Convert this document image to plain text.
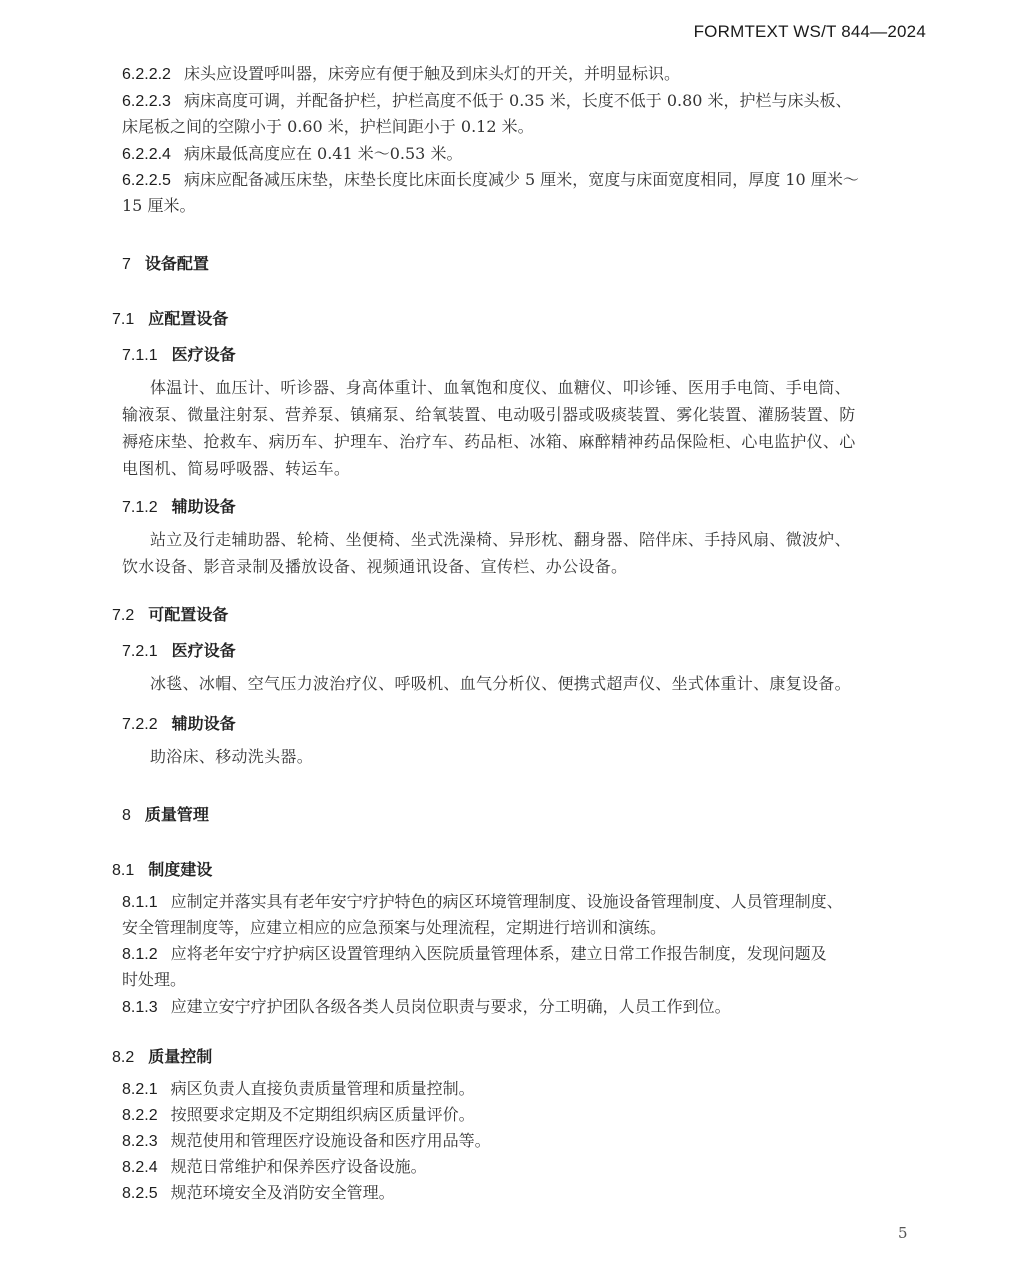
FORMTEXT WS/T 844—2024
6.2.2.2 床头应设置呼叫器，床旁应有便于触及到床头灯的开关，并明显标识。
6.2.2.3 病床高度可调，并配备护栏，护栏高度不低于 0.35 米，长度不低于 0.80 米，护栏与床头板、
床尾板之间的空隙小于 0.60 米，护栏间距小于 0.12 米。
6.2.2.4 病床最低高度应在 0.41 米～0.53 米。
6.2.2.5 病床应配备减压床垫，床垫长度比床面长度减少 5 厘米，宽度与床面宽度相同，厚度 10 厘米～
15 厘米。
7 设备配置
7.1 应配置设备
7.1.1 医疗设备
体温计、血压计、听诊器、身高体重计、血氧饱和度仪、血糖仪、叩诊锤、医用手电筒、手电筒、
输液泵、微量注射泵、营养泵、镇痛泵、给氧装置、电动吸引器或吸痰装置、雾化装置、灌肠装置、防
褥疮床垫、抢救车、病历车、护理车、治疗车、药品柜、冰箱、麻醉精神药品保险柜、心电监护仪、心
电图机、简易呼吸器、转运车。
7.1.2 辅助设备
站立及行走辅助器、轮椅、坐便椅、坐式洗澡椅、异形枕、翻身器、陪伴床、手持风扇、微波炉、
饮水设备、影音录制及播放设备、视频通讯设备、宣传栏、办公设备。
7.2 可配置设备
7.2.1 医疗设备
冰毯、冰帽、空气压力波治疗仪、呼吸机、血气分析仪、便携式超声仪、坐式体重计、康复设备。
7.2.2 辅助设备
助浴床、移动洗头器。
8 质量管理
8.1 制度建设
8.1.1 应制定并落实具有老年安宁疗护特色的病区环境管理制度、设施设备管理制度、人员管理制度、
安全管理制度等，应建立相应的应急预案与处理流程，定期进行培训和演练。
8.1.2 应将老年安宁疗护病区设置管理纳入医院质量管理体系，建立日常工作报告制度，发现问题及
时处理。
8.1.3 应建立安宁疗护团队各级各类人员岗位职责与要求，分工明确，人员工作到位。
8.2 质量控制
8.2.1 病区负责人直接负责质量管理和质量控制。
8.2.2 按照要求定期及不定期组织病区质量评价。
8.2.3 规范使用和管理医疗设施设备和医疗用品等。
8.2.4 规范日常维护和保养医疗设备设施。
8.2.5 规范环境安全及消防安全管理。
5
